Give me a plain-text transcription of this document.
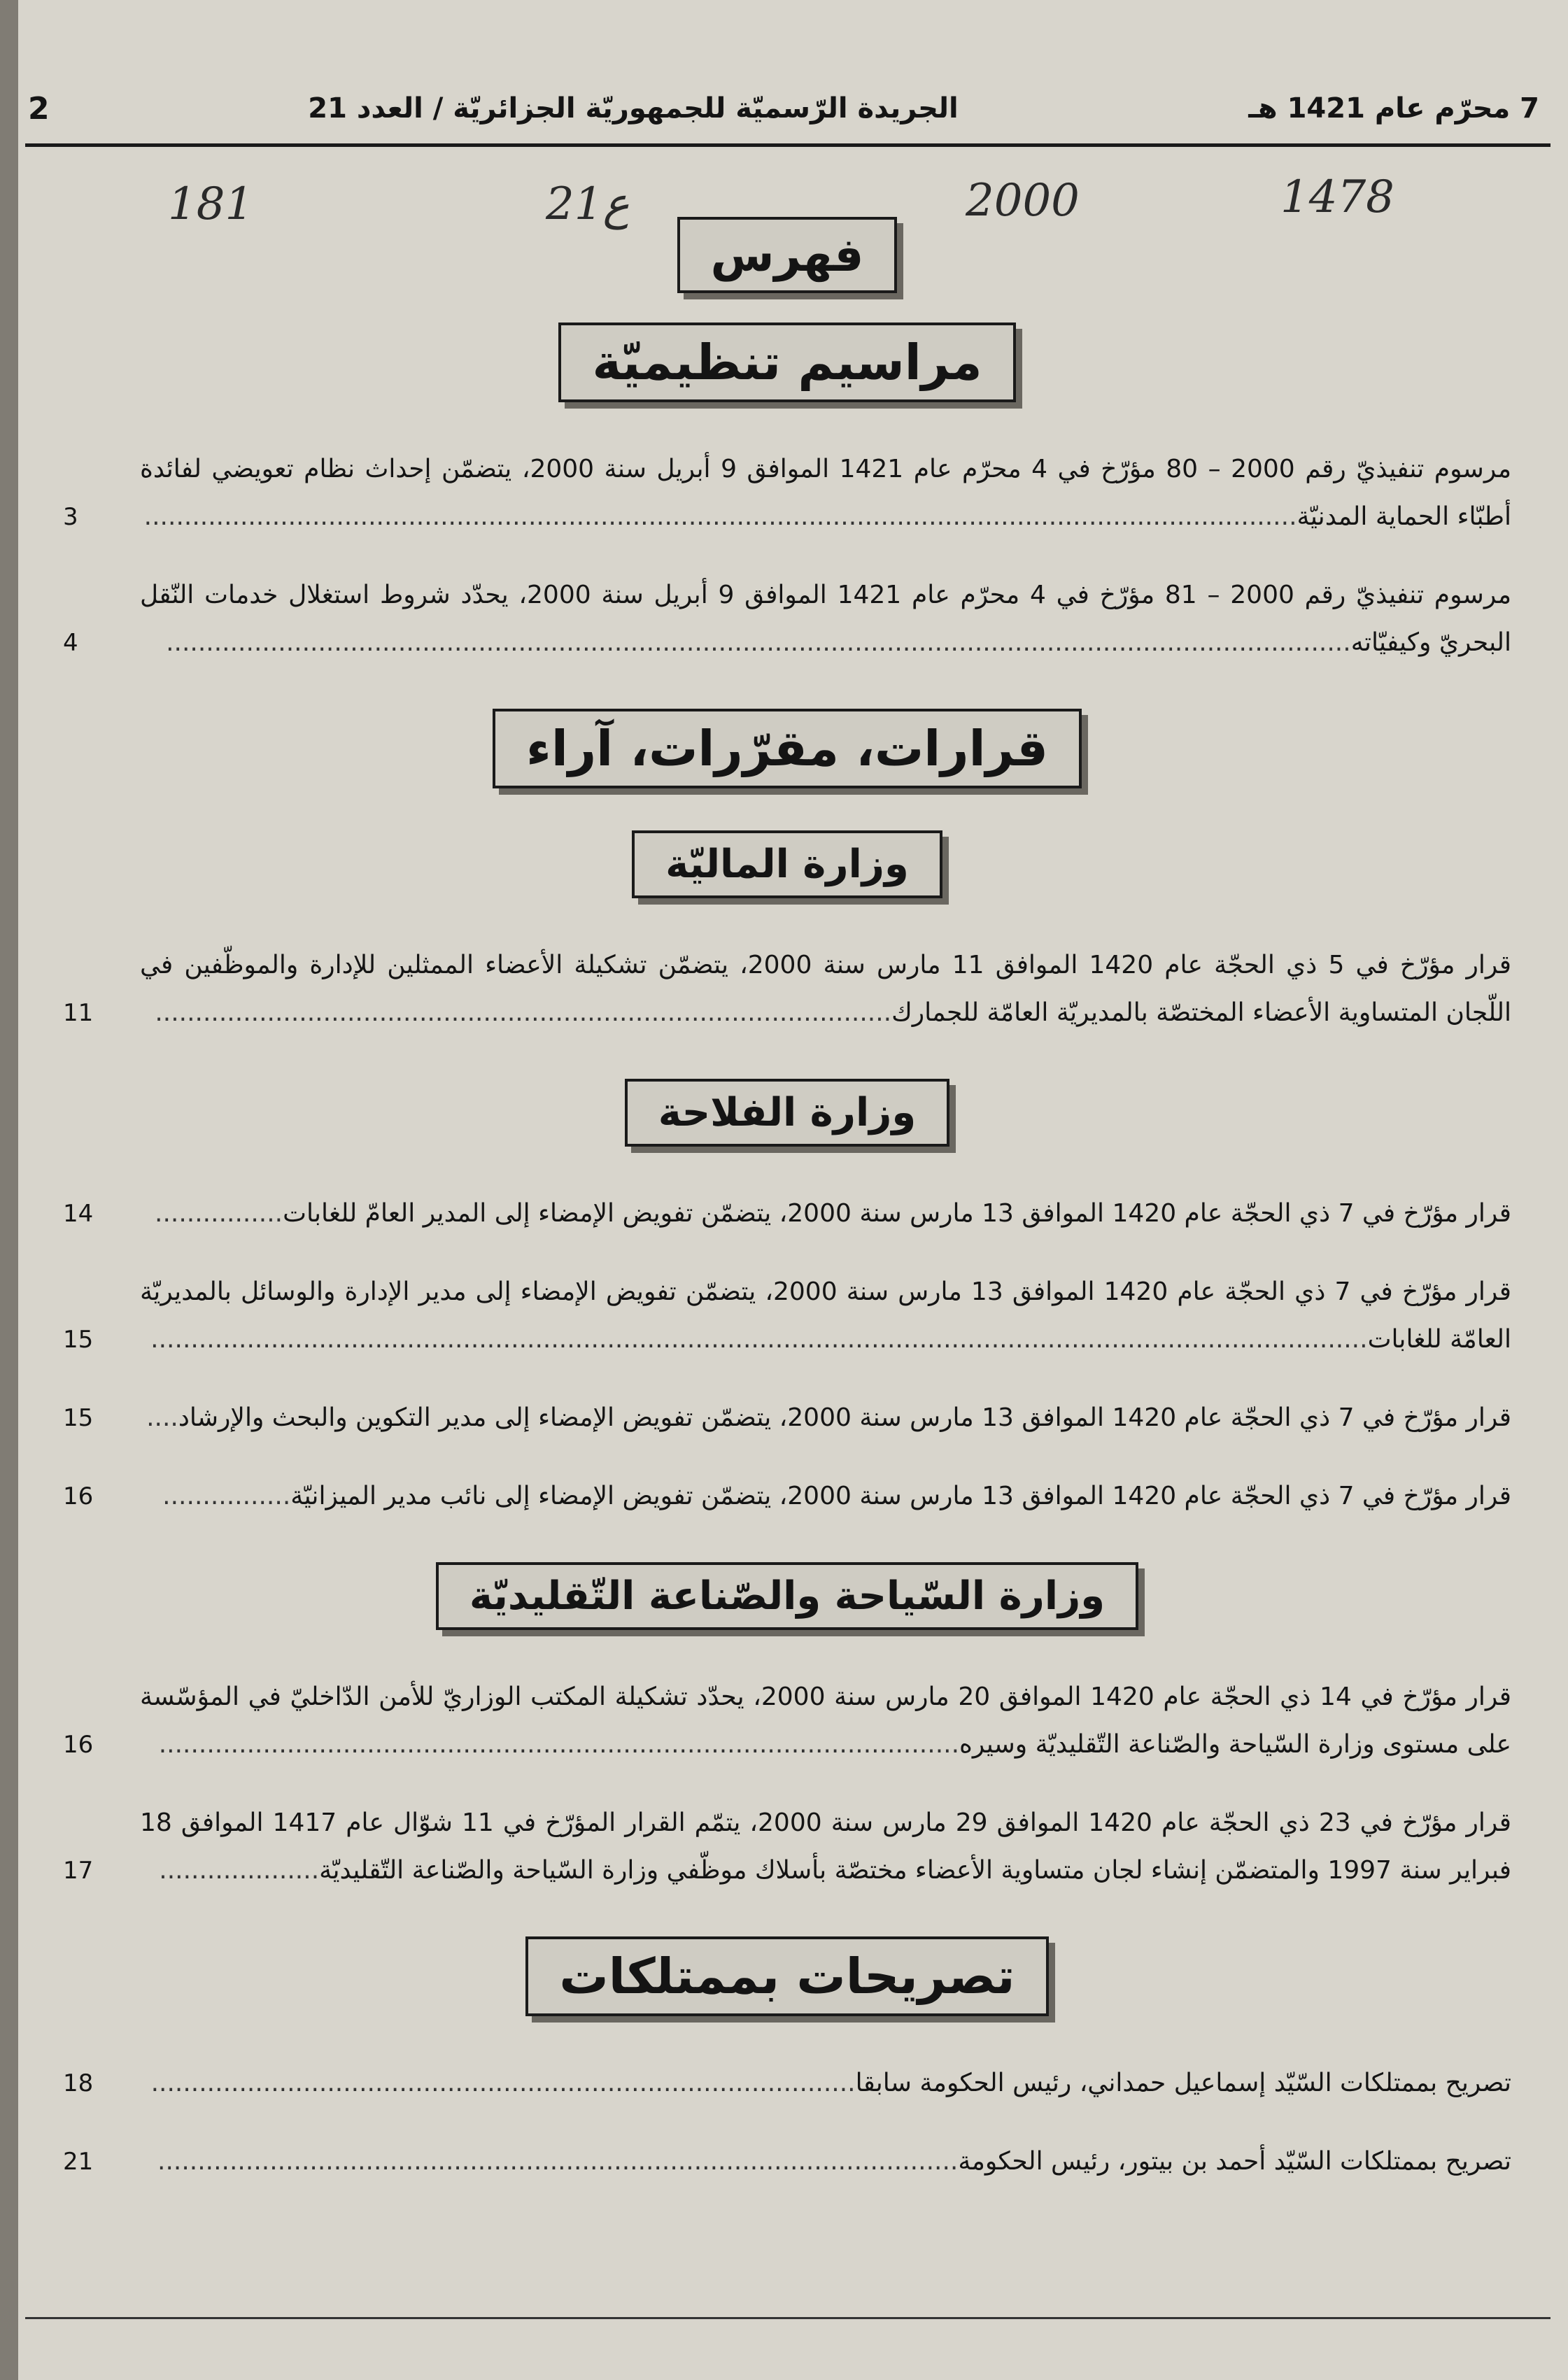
2	الجريدة الرّسميّة للجمهوريّة الجزائريّة / العدد 21	7 محرّم عام 1421 هـ
1478
2000
21ع
181
فهرس
مراسيم تنظيميّة
مرسوم تنفيذيّ رقم 2000 – 80 مؤرّخ في 4 محرّم عام 1421 الموافق 9 أبريل سنة 2000، يتضمّن إحداث نظام تعويضي لفائدة أطبّاء الحماية المدنيّة................................................................................................................................................
3
مرسوم تنفيذيّ رقم 2000 – 81 مؤرّخ في 4 محرّم عام 1421 الموافق 9 أبريل سنة 2000، يحدّد شروط استغلال خدمات النّقل البحريّ وكيفيّاته....................................................................................................................................................
4
قرارات، مقرّرات، آراء
وزارة الماليّة
قرار مؤرّخ في 5 ذي الحجّة عام 1420 الموافق 11 مارس سنة 2000، يتضمّن تشكيلة الأعضاء الممثلين للإدارة والموظّفين في اللّجان المتساوية الأعضاء المختصّة بالمديريّة العامّة للجمارك............................................................................................
11
وزارة الفلاحة
قرار مؤرّخ في 7 ذي الحجّة عام 1420 الموافق 13 مارس سنة 2000، يتضمّن تفويض الإمضاء إلى المدير العامّ للغابات................
14
قرار مؤرّخ في 7 ذي الحجّة عام 1420 الموافق 13 مارس سنة 2000، يتضمّن تفويض الإمضاء إلى مدير الإدارة والوسائل بالمديريّة العامّة للغابات........................................................................................................................................................
15
قرار مؤرّخ في 7 ذي الحجّة عام 1420 الموافق 13 مارس سنة 2000، يتضمّن تفويض الإمضاء إلى مدير التكوين والبحث والإرشاد....
15
قرار مؤرّخ في 7 ذي الحجّة عام 1420 الموافق 13 مارس سنة 2000، يتضمّن تفويض الإمضاء إلى نائب مدير الميزانيّة................
16
وزارة السّياحة والصّناعة التّقليديّة
قرار مؤرّخ في 14 ذي الحجّة عام 1420 الموافق 20 مارس سنة 2000، يحدّد تشكيلة المكتب الوزاريّ للأمن الدّاخليّ في المؤسّسة على مستوى وزارة السّياحة والصّناعة التّقليديّة وسيره....................................................................................................
16
قرار مؤرّخ في 23 ذي الحجّة عام 1420 الموافق 29 مارس سنة 2000، يتمّم القرار المؤرّخ في 11 شوّال عام 1417 الموافق 18 فبراير سنة 1997 والمتضمّن إنشاء لجان متساوية الأعضاء مختصّة بأسلاك موظّفي وزارة السّياحة والصّناعة التّقليديّة....................
17
تصريحات بممتلكات
تصريح بممتلكات السّيّد إسماعيل حمداني، رئيس الحكومة سابقا........................................................................................
18
تصريح بممتلكات السّيّد أحمد بن بيتور، رئيس الحكومة....................................................................................................
21
